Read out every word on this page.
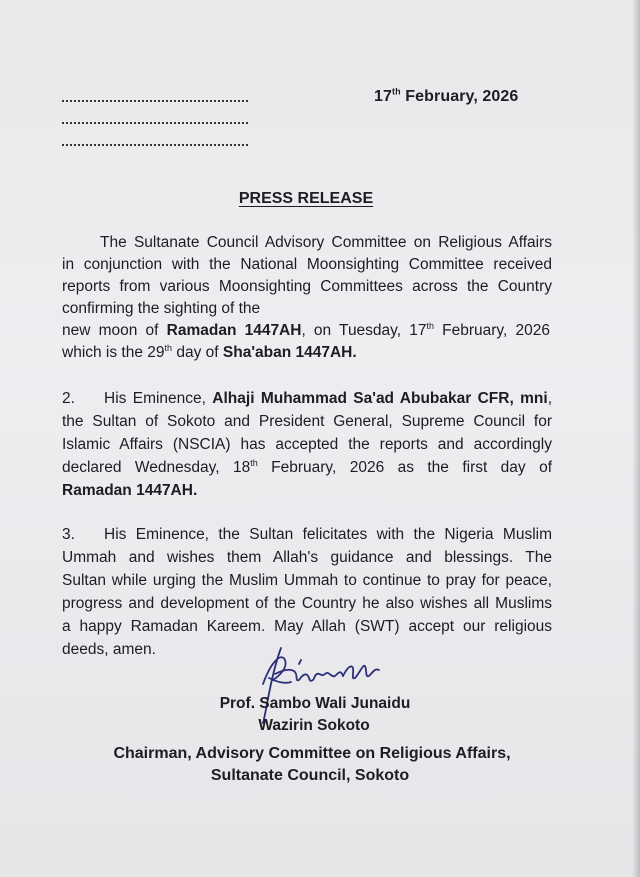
17th February, 2026
PRESS RELEASE
The Sultanate Council Advisory Committee on Religious Affairs
in conjunction with the National Moonsighting Committee received
reports from various Moonsighting Committees across the Country
confirming the sighting of the
new moon of Ramadan 1447AH, on Tuesday, 17th February, 2026
which is the 29th day of Sha'aban 1447AH.
2. His Eminence, Alhaji Muhammad Sa'ad Abubakar CFR, mni,
the Sultan of Sokoto and President General, Supreme Council for
Islamic Affairs (NSCIA) has accepted the reports and accordingly
declared Wednesday, 18th February, 2026 as the first day of
Ramadan 1447AH.
3. His Eminence, the Sultan felicitates with the Nigeria Muslim
Ummah and wishes them Allah's guidance and blessings. The
Sultan while urging the Muslim Ummah to continue to pray for peace,
progress and development of the Country he also wishes all Muslims
a happy Ramadan Kareem. May Allah (SWT) accept our religious
deeds, amen.
Prof. Sambo Wali Junaidu
Wazirin Sokoto
Chairman, Advisory Committee on Religious Affairs,
Sultanate Council, Sokoto
